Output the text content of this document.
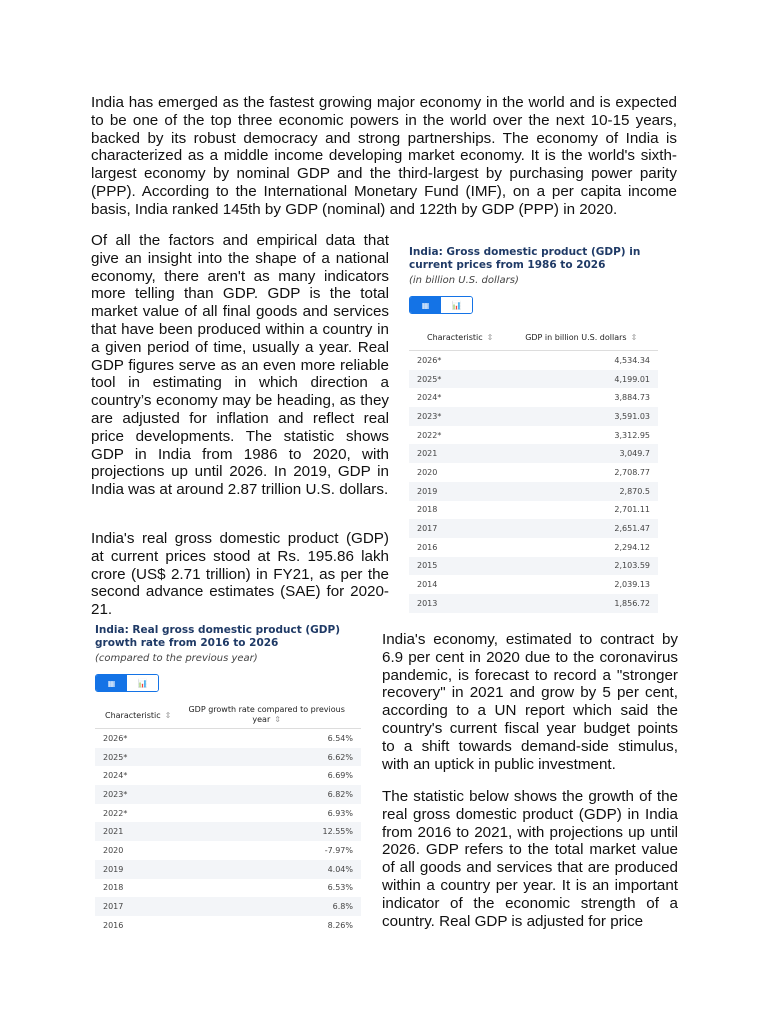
India has emerged as the fastest growing major economy in the world and is expected to be one of the top three economic powers in the world over the next 10-15 years, backed by its robust democracy and strong partnerships. The economy of India is characterized as a middle income developing market economy. It is the world's sixth-largest economy by nominal GDP and the third-largest by purchasing power parity (PPP). According to the International Monetary Fund (IMF), on a per capita income basis, India ranked 145th by GDP (nominal) and 122th by GDP (PPP) in 2020.

Of all the factors and empirical data that give an insight into the shape of a national economy, there aren't as many indicators more telling than GDP. GDP is the total market value of all final goods and services that have been produced within a country in a given period of time, usually a year. Real GDP figures serve as an even more reliable tool in estimating in which direction a country’s economy may be heading, as they are adjusted for inflation and reflect real price developments. The statistic shows GDP in India from 1986 to 2020, with projections up until 2026. In 2019, GDP in India was at around 2.87 trillion U.S. dollars.

India's real gross domestic product (GDP) at current prices stood at Rs. 195.86 lakh crore (US$ 2.71 trillion) in FY21, as per the second advance estimates (SAE) for 2020-21.

India's economy, estimated to contract by 6.9 per cent in 2020 due to the coronavirus pandemic, is forecast to record a "stronger recovery" in 2021 and grow by 5 per cent, according to a UN report which said the country's current fiscal year budget points to a shift towards demand-side stimulus, with an uptick in public investment.

The statistic below shows the growth of the real gross domestic product (GDP) in India from 2016 to 2021, with projections up until 2026. GDP refers to the total market value of all goods and services that are produced within a country per year. It is an important indicator of the economic strength of a country. Real GDP is adjusted for price

India: Gross domestic product (GDP) in current prices from 1986 to 2026
(in billion U.S. dollars)
▦	📊
Characteristic ⇕	GDP in billion U.S. dollars ⇕
2026*	4,534.34
2025*	4,199.01
2024*	3,884.73
2023*	3,591.03
2022*	3,312.95
2021	3,049.7
2020	2,708.77
2019	2,870.5
2018	2,701.11
2017	2,651.47
2016	2,294.12
2015	2,103.59
2014	2,039.13
2013	1,856.72
India: Real gross domestic product (GDP) growth rate from 2016 to 2026
(compared to the previous year)
▦	📊
Characteristic ⇕	GDP growth rate compared to previous year ⇕
2026*	6.54%
2025*	6.62%
2024*	6.69%
2023*	6.82%
2022*	6.93%
2021	12.55%
2020	-7.97%
2019	4.04%
2018	6.53%
2017	6.8%
2016	8.26%
